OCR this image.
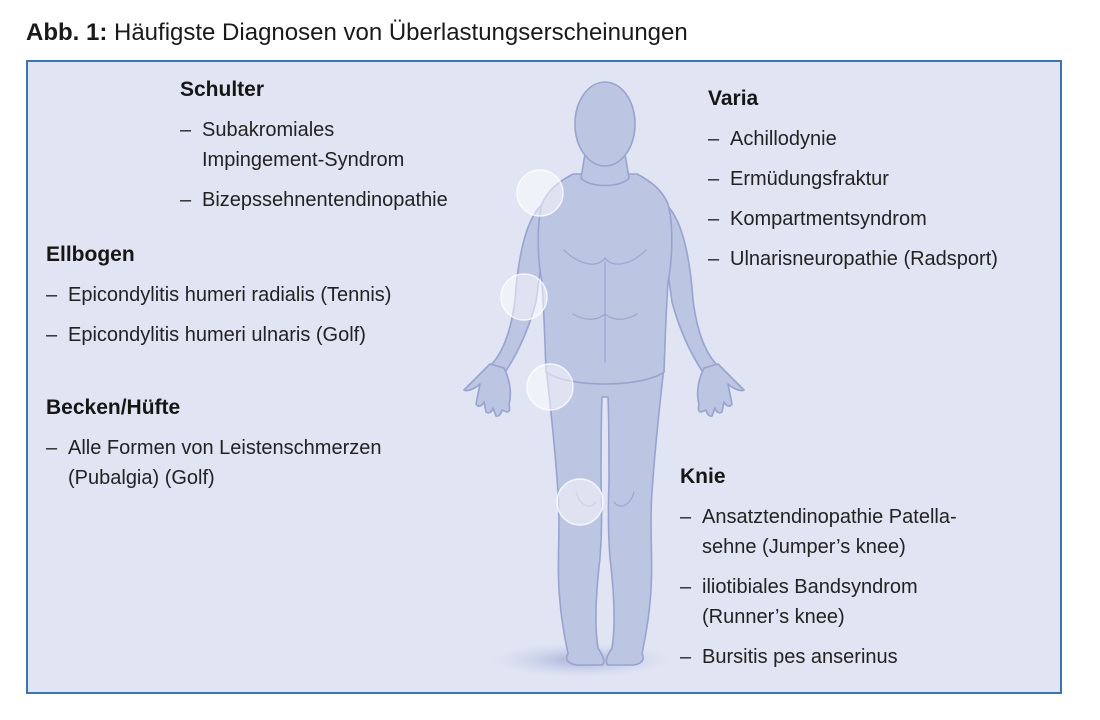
Abb. 1: Häufigste Diagnosen von Überlastungserscheinungen
Schulter
– Subakromiales
Impingement-Syndrom
– Bizepssehnentendinopathie
Varia
– Achillodynie
– Ermüdungsfraktur
– Kompartmentsyndrom
– Ulnarisneuropathie (Radsport)
Ellbogen
– Epicondylitis humeri radialis (Tennis)
– Epicondylitis humeri ulnaris (Golf)
Becken/Hüfte
– Alle Formen von Leistenschmerzen
(Pubalgia) (Golf)	Knie
– Ansatztendinopathie Patella-
sehne (Jumper’s knee)
– iliotibiales Bandsyndrom
(Runner’s knee)
– Bursitis pes anserinus
